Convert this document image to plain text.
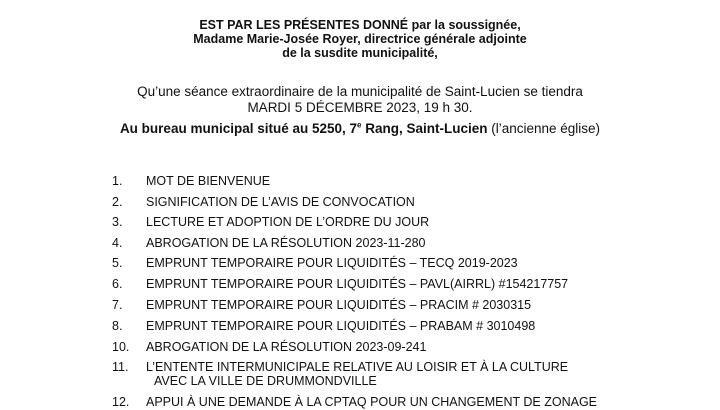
EST PAR LES PRÉSENTES DONNÉ par la soussignée,
Madame Marie-Josée Royer, directrice générale adjointe
de la susdite municipalité,
Qu’une séance extraordinaire de la municipalité de Saint-Lucien se tiendra
MARDI 5 DÉCEMBRE 2023, 19 h 30.
Au bureau municipal situé au 5250, 7e Rang, Saint-Lucien (l’ancienne église)
1. MOT DE BIENVENUE
2. SIGNIFICATION DE L’AVIS DE CONVOCATION
3. LECTURE ET ADOPTION DE L’ORDRE DU JOUR
4. ABROGATION DE LA RÉSOLUTION 2023-11-280
5. EMPRUNT TEMPORAIRE POUR LIQUIDITÉS – TECQ 2019-2023
6. EMPRUNT TEMPORAIRE POUR LIQUIDITÉS – PAVL(AIRRL) #154217757
7. EMPRUNT TEMPORAIRE POUR LIQUIDITÉS – PRACIM # 2030315
8. EMPRUNT TEMPORAIRE POUR LIQUIDITÉS – PRABAM # 3010498
10. ABROGATION DE LA RÉSOLUTION 2023-09-241
11. L’ENTENTE INTERMUNICIPALE RELATIVE AU LOISIR ET À LA CULTURE
AVEC LA VILLE DE DRUMMONDVILLE
12. APPUI À UNE DEMANDE À LA CPTAQ POUR UN CHANGEMENT DE ZONAGE
